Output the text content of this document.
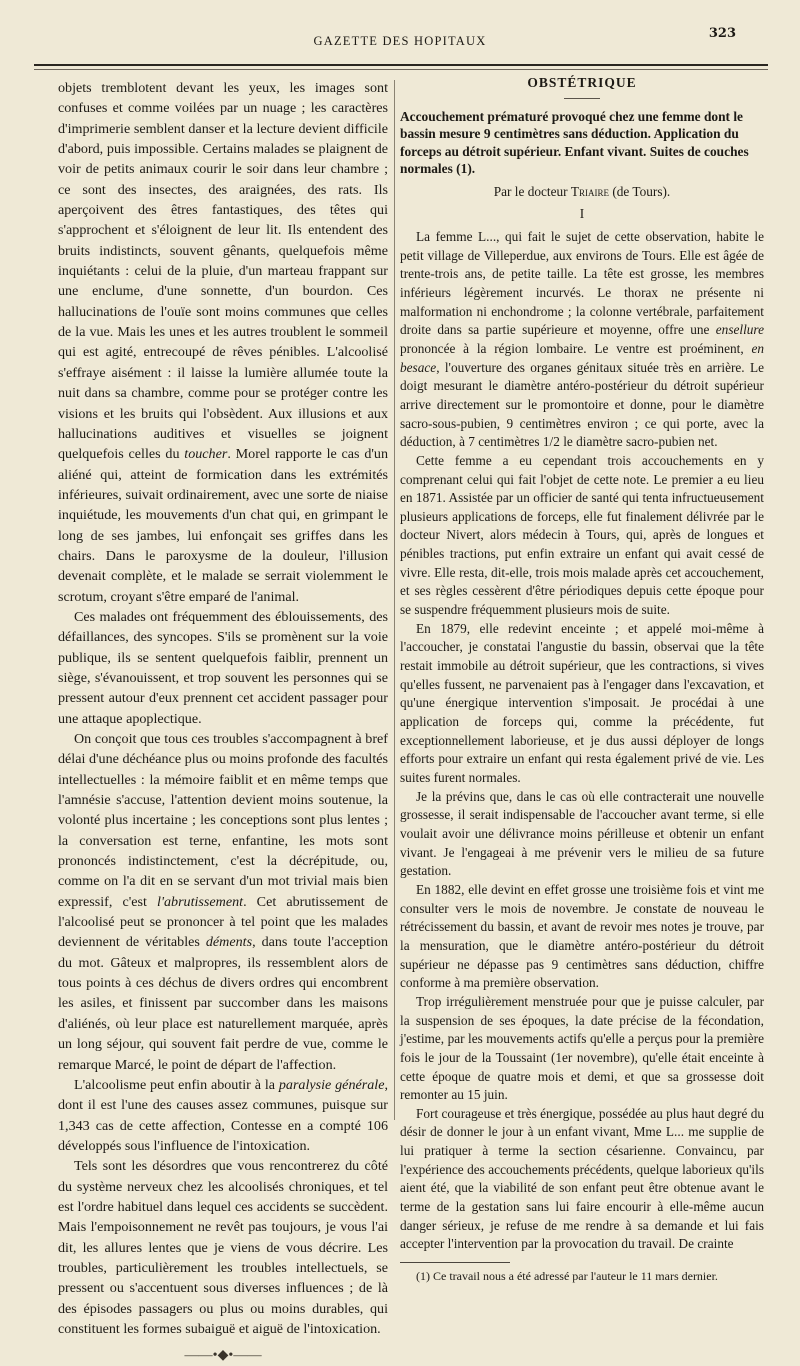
GAZETTE DES HOPITAUX	323

objets tremblotent devant les yeux, les images sont confuses et comme voilées par un nuage ; les caractères d'imprimerie semblent danser et la lecture devient difficile d'abord, puis impossible. Certains malades se plaignent de voir de petits animaux courir le soir dans leur chambre ; ce sont des insectes, des araignées, des rats. Ils aperçoivent des êtres fantastiques, des têtes qui s'approchent et s'éloignent de leur lit. Ils entendent des bruits indistincts, souvent gênants, quelquefois même inquiétants : celui de la pluie, d'un marteau frappant sur une enclume, d'une sonnette, d'un bourdon. Ces hallucinations de l'ouïe sont moins communes que celles de la vue. Mais les unes et les autres troublent le sommeil qui est agité, entrecoupé de rêves pénibles. L'alcoolisé s'effraye aisément : il laisse la lumière allumée toute la nuit dans sa chambre, comme pour se protéger contre les visions et les bruits qui l'obsèdent. Aux illusions et aux hallucinations auditives et visuelles se joignent quelquefois celles du toucher. Morel rapporte le cas d'un aliéné qui, atteint de formication dans les extrémités inférieures, suivait ordinairement, avec une sorte de niaise inquiétude, les mouvements d'un chat qui, en grimpant le long de ses jambes, lui enfonçait ses griffes dans les chairs. Dans le paroxysme de la douleur, l'illusion devenait complète, et le malade se serrait violemment le scrotum, croyant s'être emparé de l'animal.

Ces malades ont fréquemment des éblouissements, des défaillances, des syncopes. S'ils se promènent sur la voie publique, ils se sentent quelquefois faiblir, prennent un siège, s'évanouissent, et trop souvent les personnes qui se pressent autour d'eux prennent cet accident passager pour une attaque apoplectique.

On conçoit que tous ces troubles s'accompagnent à bref délai d'une déchéance plus ou moins profonde des facultés intellectuelles : la mémoire faiblit et en même temps que l'amnésie s'accuse, l'attention devient moins soutenue, la volonté plus incertaine ; les conceptions sont plus lentes ; la conversation est terne, enfantine, les mots sont prononcés indistinctement, c'est la décrépitude, ou, comme on l'a dit en se servant d'un mot trivial mais bien expressif, c'est l'abrutissement. Cet abrutissement de l'alcoolisé peut se prononcer à tel point que les malades deviennent de véritables déments, dans toute l'acception du mot. Gâteux et malpropres, ils ressemblent alors de tous points à ces déchus de divers ordres qui encombrent les asiles, et finissent par succomber dans les maisons d'aliénés, où leur place est naturellement marquée, après un long séjour, qui souvent fait perdre de vue, comme le remarque Marcé, le point de départ de l'affection.

L'alcoolisme peut enfin aboutir à la paralysie générale, dont il est l'une des causes assez communes, puisque sur 1,343 cas de cette affection, Contesse en a compté 106 développés sous l'influence de l'intoxication.

Tels sont les désordres que vous rencontrerez du côté du système nerveux chez les alcoolisés chroniques, et tel est l'ordre habituel dans lequel ces accidents se succèdent. Mais l'empoisonnement ne revêt pas toujours, je vous l'ai dit, les allures lentes que je viens de vous décrire. Les troubles, particulièrement les troubles intellectuels, se pressent ou s'accentuent sous diverses influences ; de là des épisodes passagers ou plus ou moins durables, qui constituent les formes subaiguë et aiguë de l'intoxication.

——•◆•——
OBSTÉTRIQUE

Accouchement prématuré provoqué chez une femme dont le bassin mesure 9 centimètres sans déduction. Application du forceps au détroit supérieur. Enfant vivant. Suites de couches normales (1).

Par le docteur Triaire (de Tours).

I

La femme L..., qui fait le sujet de cette observation, habite le petit village de Villeperdue, aux environs de Tours. Elle est âgée de trente-trois ans, de petite taille. La tête est grosse, les membres inférieurs légèrement incurvés. Le thorax ne présente ni malformation ni enchondrome ; la colonne vertébrale, parfaitement droite dans sa partie supérieure et moyenne, offre une ensellure prononcée à la région lombaire. Le ventre est proéminent, en besace, l'ouverture des organes génitaux située très en arrière. Le doigt mesurant le diamètre antéro-postérieur du détroit supérieur arrive directement sur le promontoire et donne, pour le diamètre sacro-sous-pubien, 9 centimètres environ ; ce qui porte, avec la déduction, à 7 centimètres 1/2 le diamètre sacro-pubien net.

Cette femme a eu cependant trois accouchements en y comprenant celui qui fait l'objet de cette note. Le premier a eu lieu en 1871. Assistée par un officier de santé qui tenta infructueusement plusieurs applications de forceps, elle fut finalement délivrée par le docteur Nivert, alors médecin à Tours, qui, après de longues et pénibles tractions, put enfin extraire un enfant qui avait cessé de vivre. Elle resta, dit-elle, trois mois malade après cet accouchement, et ses règles cessèrent d'être périodiques depuis cette époque pour se suspendre fréquemment plusieurs mois de suite.

En 1879, elle redevint enceinte ; et appelé moi-même à l'accoucher, je constatai l'angustie du bassin, observai que la tête restait immobile au détroit supérieur, que les contractions, si vives qu'elles fussent, ne parvenaient pas à l'engager dans l'excavation, et qu'une énergique intervention s'imposait. Je procédai à une application de forceps qui, comme la précédente, fut exceptionnellement laborieuse, et je dus aussi déployer de longs efforts pour extraire un enfant qui resta également privé de vie. Les suites furent normales.

Je la prévins que, dans le cas où elle contracterait une nouvelle grossesse, il serait indispensable de l'accoucher avant terme, si elle voulait avoir une délivrance moins périlleuse et obtenir un enfant vivant. Je l'engageai à me prévenir vers le milieu de sa future gestation.

En 1882, elle devint en effet grosse une troisième fois et vint me consulter vers le mois de novembre. Je constate de nouveau le rétrécissement du bassin, et avant de revoir mes notes je trouve, par la mensuration, que le diamètre antéro-postérieur du détroit supérieur ne dépasse pas 9 centimètres sans déduction, chiffre conforme à ma première observation.

Trop irrégulièrement menstruée pour que je puisse calculer, par la suspension de ses époques, la date précise de la fécondation, j'estime, par les mouvements actifs qu'elle a perçus pour la première fois le jour de la Toussaint (1er novembre), qu'elle était enceinte à cette époque de quatre mois et demi, et que sa grossesse doit remonter au 15 juin.

Fort courageuse et très énergique, possédée au plus haut degré du désir de donner le jour à un enfant vivant, Mme L... me supplie de lui pratiquer à terme la section césarienne. Convaincu, par l'expérience des accouchements précédents, quelque laborieux qu'ils aient été, que la viabilité de son enfant peut être obtenue avant le terme de la gestation sans lui faire encourir à elle-même aucun danger sérieux, je refuse de me rendre à sa demande et lui fais accepter l'intervention par la provocation du travail. De crainte

(1) Ce travail nous a été adressé par l'auteur le 11 mars dernier.
